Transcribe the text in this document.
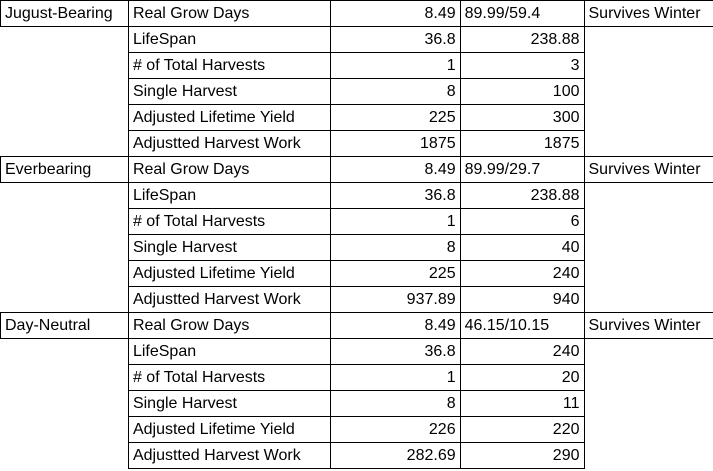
Jugust-Bearing	Real Grow Days	8.49	89.99/59.4	Survives Winter
	LifeSpan	36.8	238.88	
	# of Total Harvests	1	3	
	Single Harvest	8	100	
	Adjusted Lifetime Yield	225	300	
	Adjustted Harvest Work	1875	1875	
Everbearing	Real Grow Days	8.49	89.99/29.7	Survives Winter
	LifeSpan	36.8	238.88	
	# of Total Harvests	1	6	
	Single Harvest	8	40	
	Adjusted Lifetime Yield	225	240	
	Adjustted Harvest Work	937.89	940	
Day-Neutral	Real Grow Days	8.49	46.15/10.15	Survives Winter
	LifeSpan	36.8	240	
	# of Total Harvests	1	20	
	Single Harvest	8	11	
	Adjusted Lifetime Yield	226	220	
	Adjustted Harvest Work	282.69	290	
